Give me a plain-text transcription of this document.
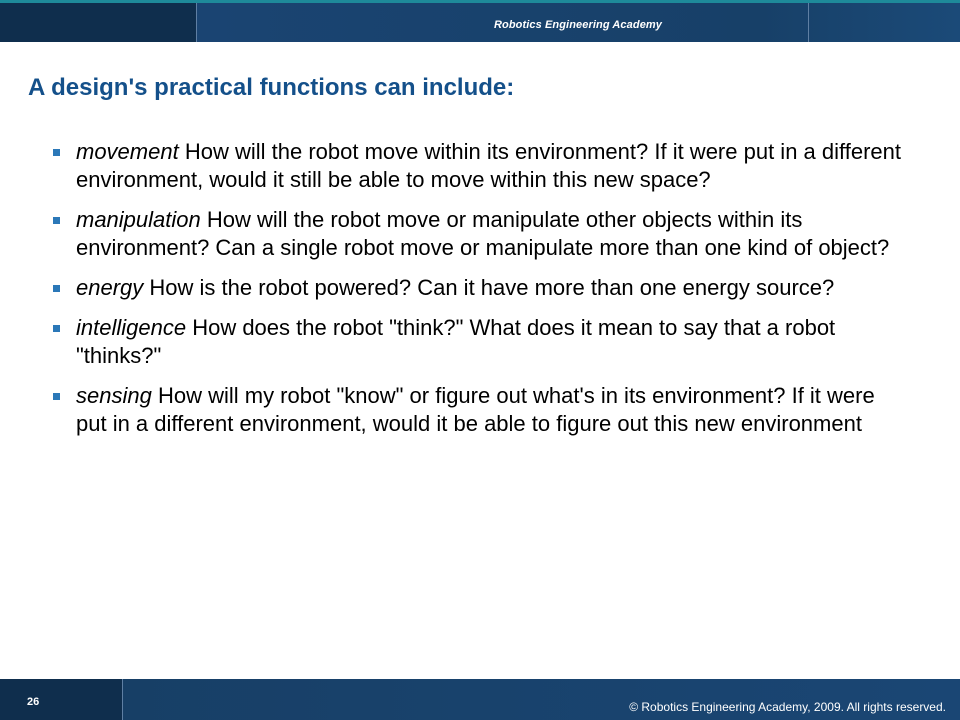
Robotics Engineering Academy
A design's practical functions can include:
movement How will the robot move within its environment? If it were put in a different environment, would it still be able to move within this new space?
manipulation How will the robot move or manipulate other objects within its environment? Can a single robot move or manipulate more than one kind of object?
energy How is the robot powered? Can it have more than one energy source?
intelligence How does the robot "think?" What does it mean to say that a robot "thinks?"
sensing How will my robot "know" or figure out what's in its environment? If it were put in a different environment, would it be able to figure out this new environment
26	© Robotics Engineering Academy, 2009. All rights reserved.
